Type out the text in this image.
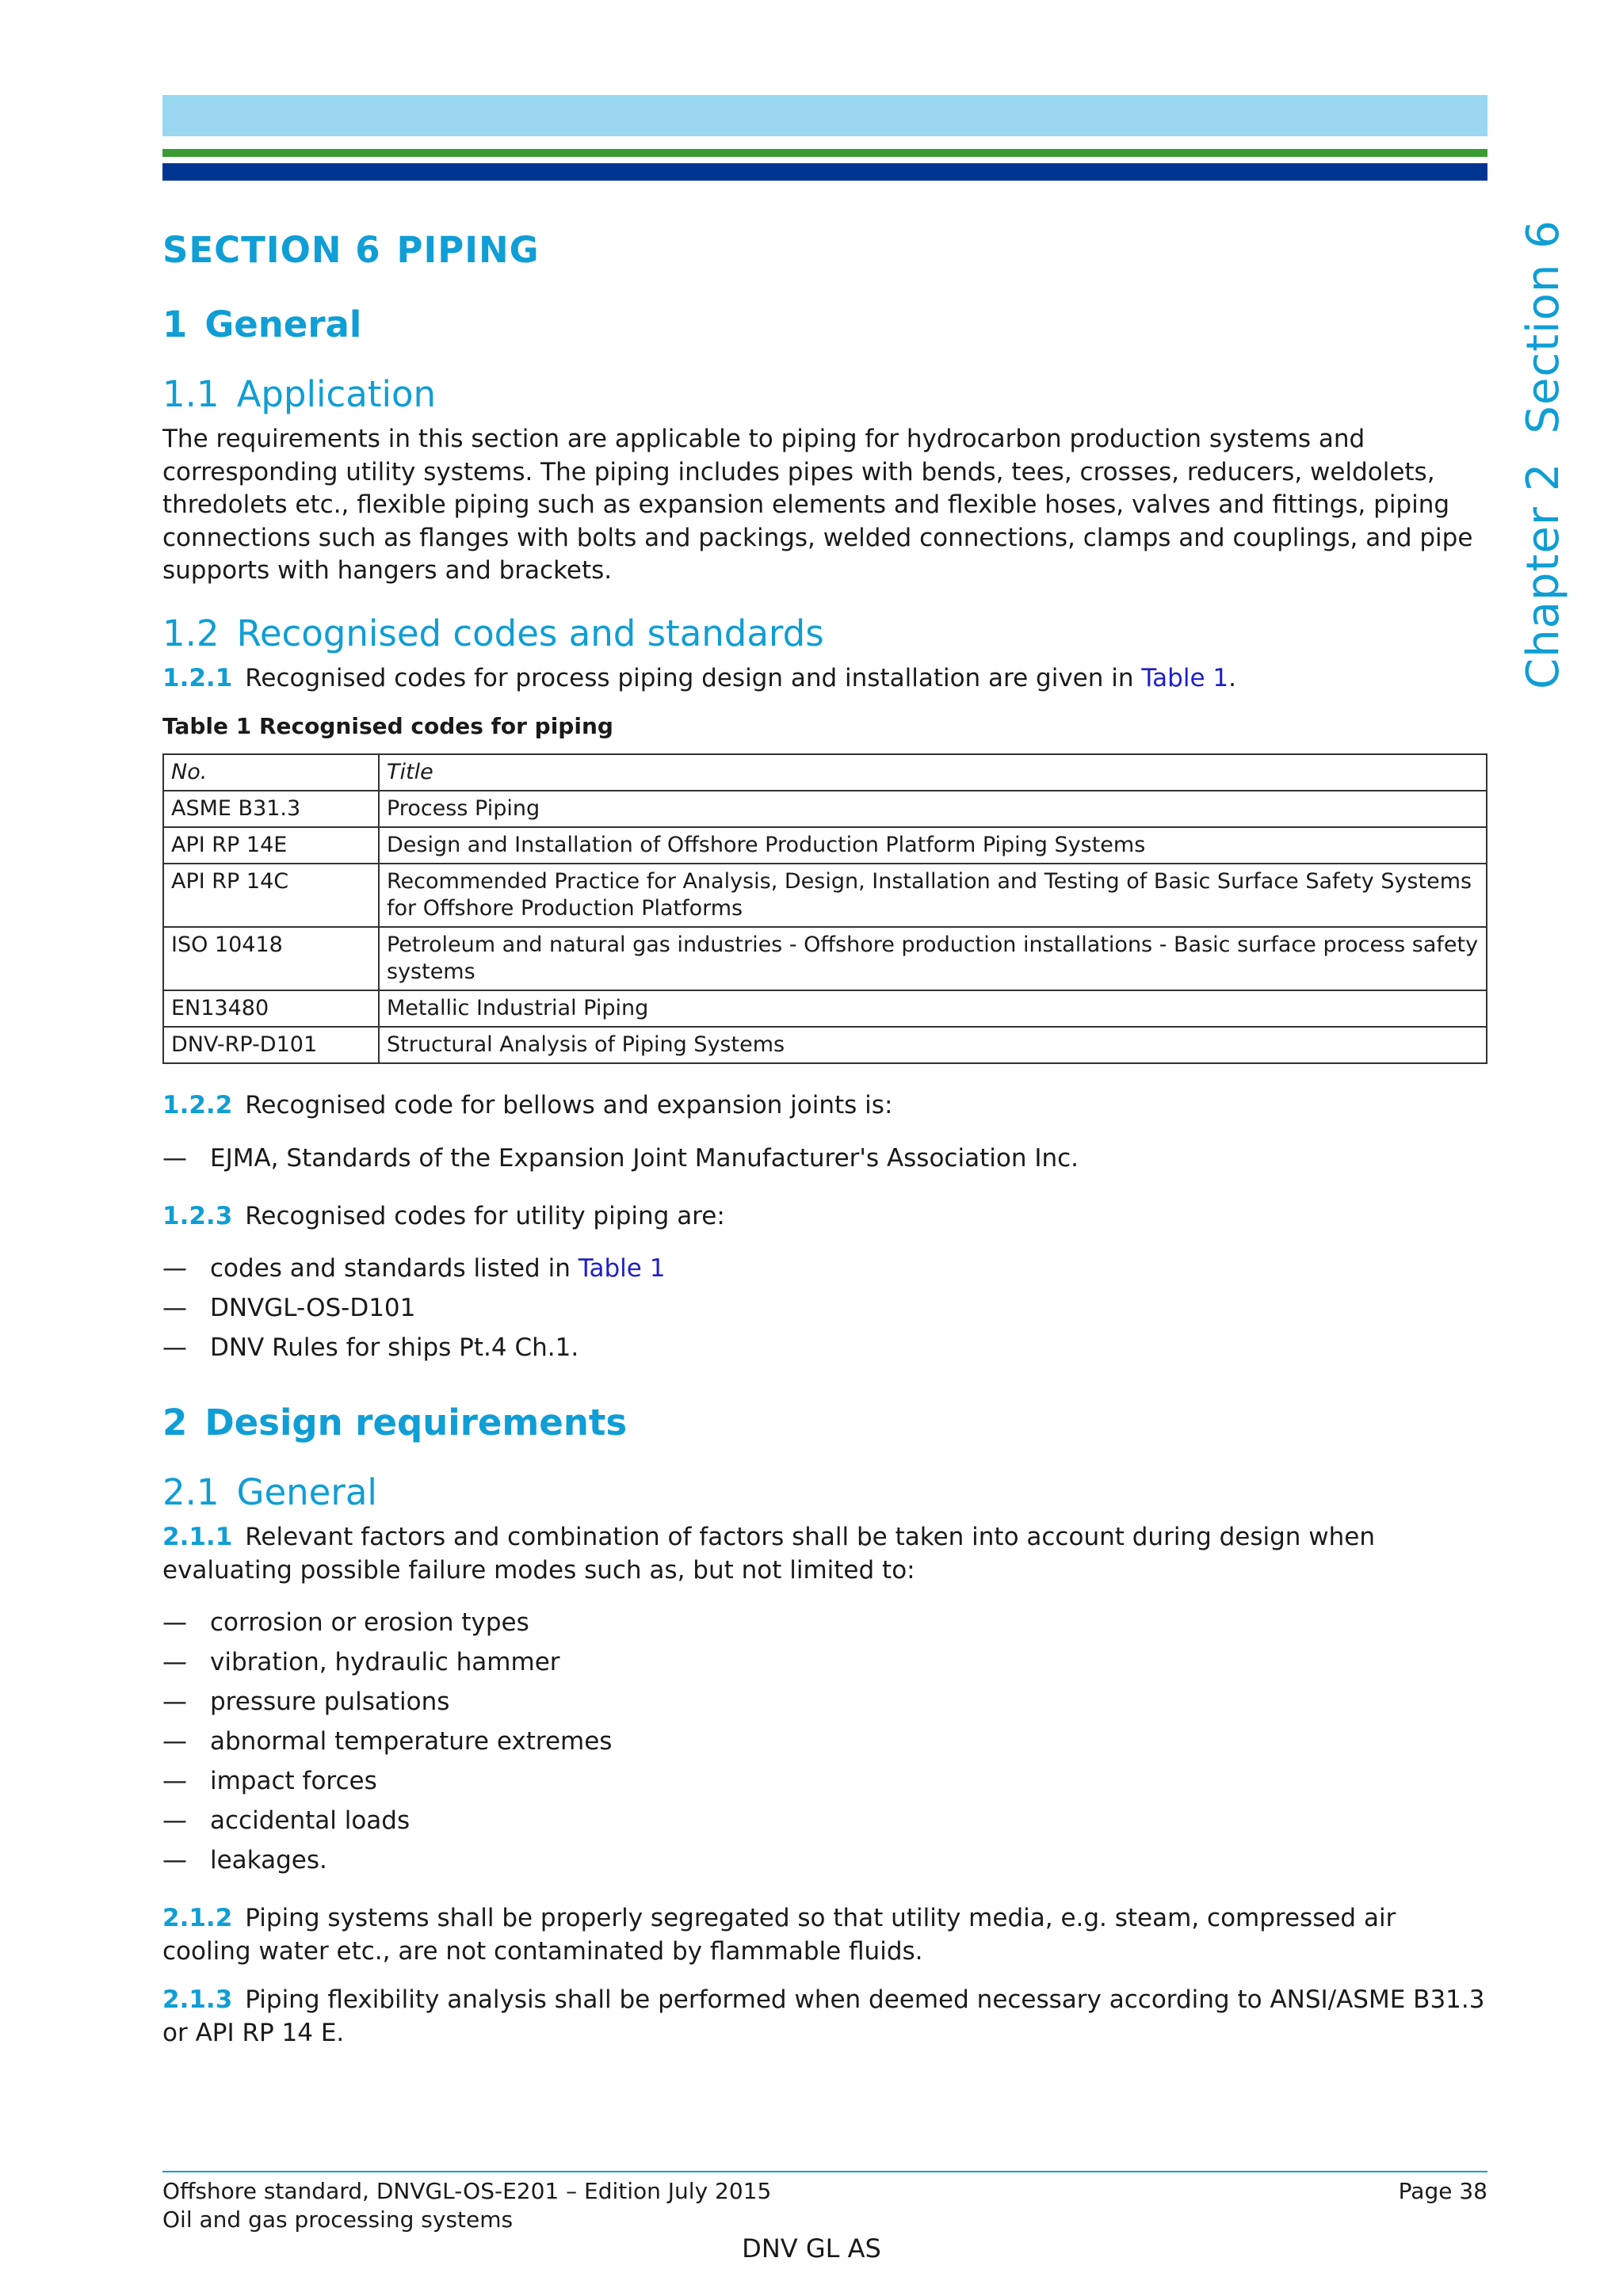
Chapter 2Section 6
SECTION 6 PIPING
1 General
1.1 Application

The requirements in this section are applicable to piping for hydrocarbon production systems and corresponding utility systems. The piping includes pipes with bends, tees, crosses, reducers, weldolets, thredolets etc., flexible piping such as expansion elements and flexible hoses, valves and fittings, piping connections such as flanges with bolts and packings, welded connections, clamps and couplings, and pipe supports with hangers and brackets.

1.2 Recognised codes and standards

1.2.1 Recognised codes for process piping design and installation are given in Table 1.

Table 1 Recognised codes for piping
No.	Title
ASME B31.3	Process Piping
API RP 14E	Design and Installation of Offshore Production Platform Piping Systems
API RP 14C	Recommended Practice for Analysis, Design, Installation and Testing of Basic Surface Safety Systems for Offshore Production Platforms
ISO 10418	Petroleum and natural gas industries - Offshore production installations - Basic surface process safety systems
EN13480	Metallic Industrial Piping
DNV-RP-D101	Structural Analysis of Piping Systems

1.2.2 Recognised code for bellows and expansion joints is:

— EJMA, Standards of the Expansion Joint Manufacturer's Association Inc.

1.2.3 Recognised codes for utility piping are:

— codes and standards listed in Table 1
— DNVGL-OS-D101
— DNV Rules for ships Pt.4 Ch.1.
2 Design requirements
2.1 General

2.1.1 Relevant factors and combination of factors shall be taken into account during design when evaluating possible failure modes such as, but not limited to:

— corrosion or erosion types
— vibration, hydraulic hammer
— pressure pulsations
— abnormal temperature extremes
— impact forces
— accidental loads
— leakages.

2.1.2 Piping systems shall be properly segregated so that utility media, e.g. steam, compressed air cooling water etc., are not contaminated by flammable fluids.

2.1.3 Piping flexibility analysis shall be performed when deemed necessary according to ANSI/ASME B31.3 or API RP 14 E.

Offshore standard, DNVGL-OS-E201 – Edition July 2015
Oil and gas processing systems
Page 38
DNV GL AS
